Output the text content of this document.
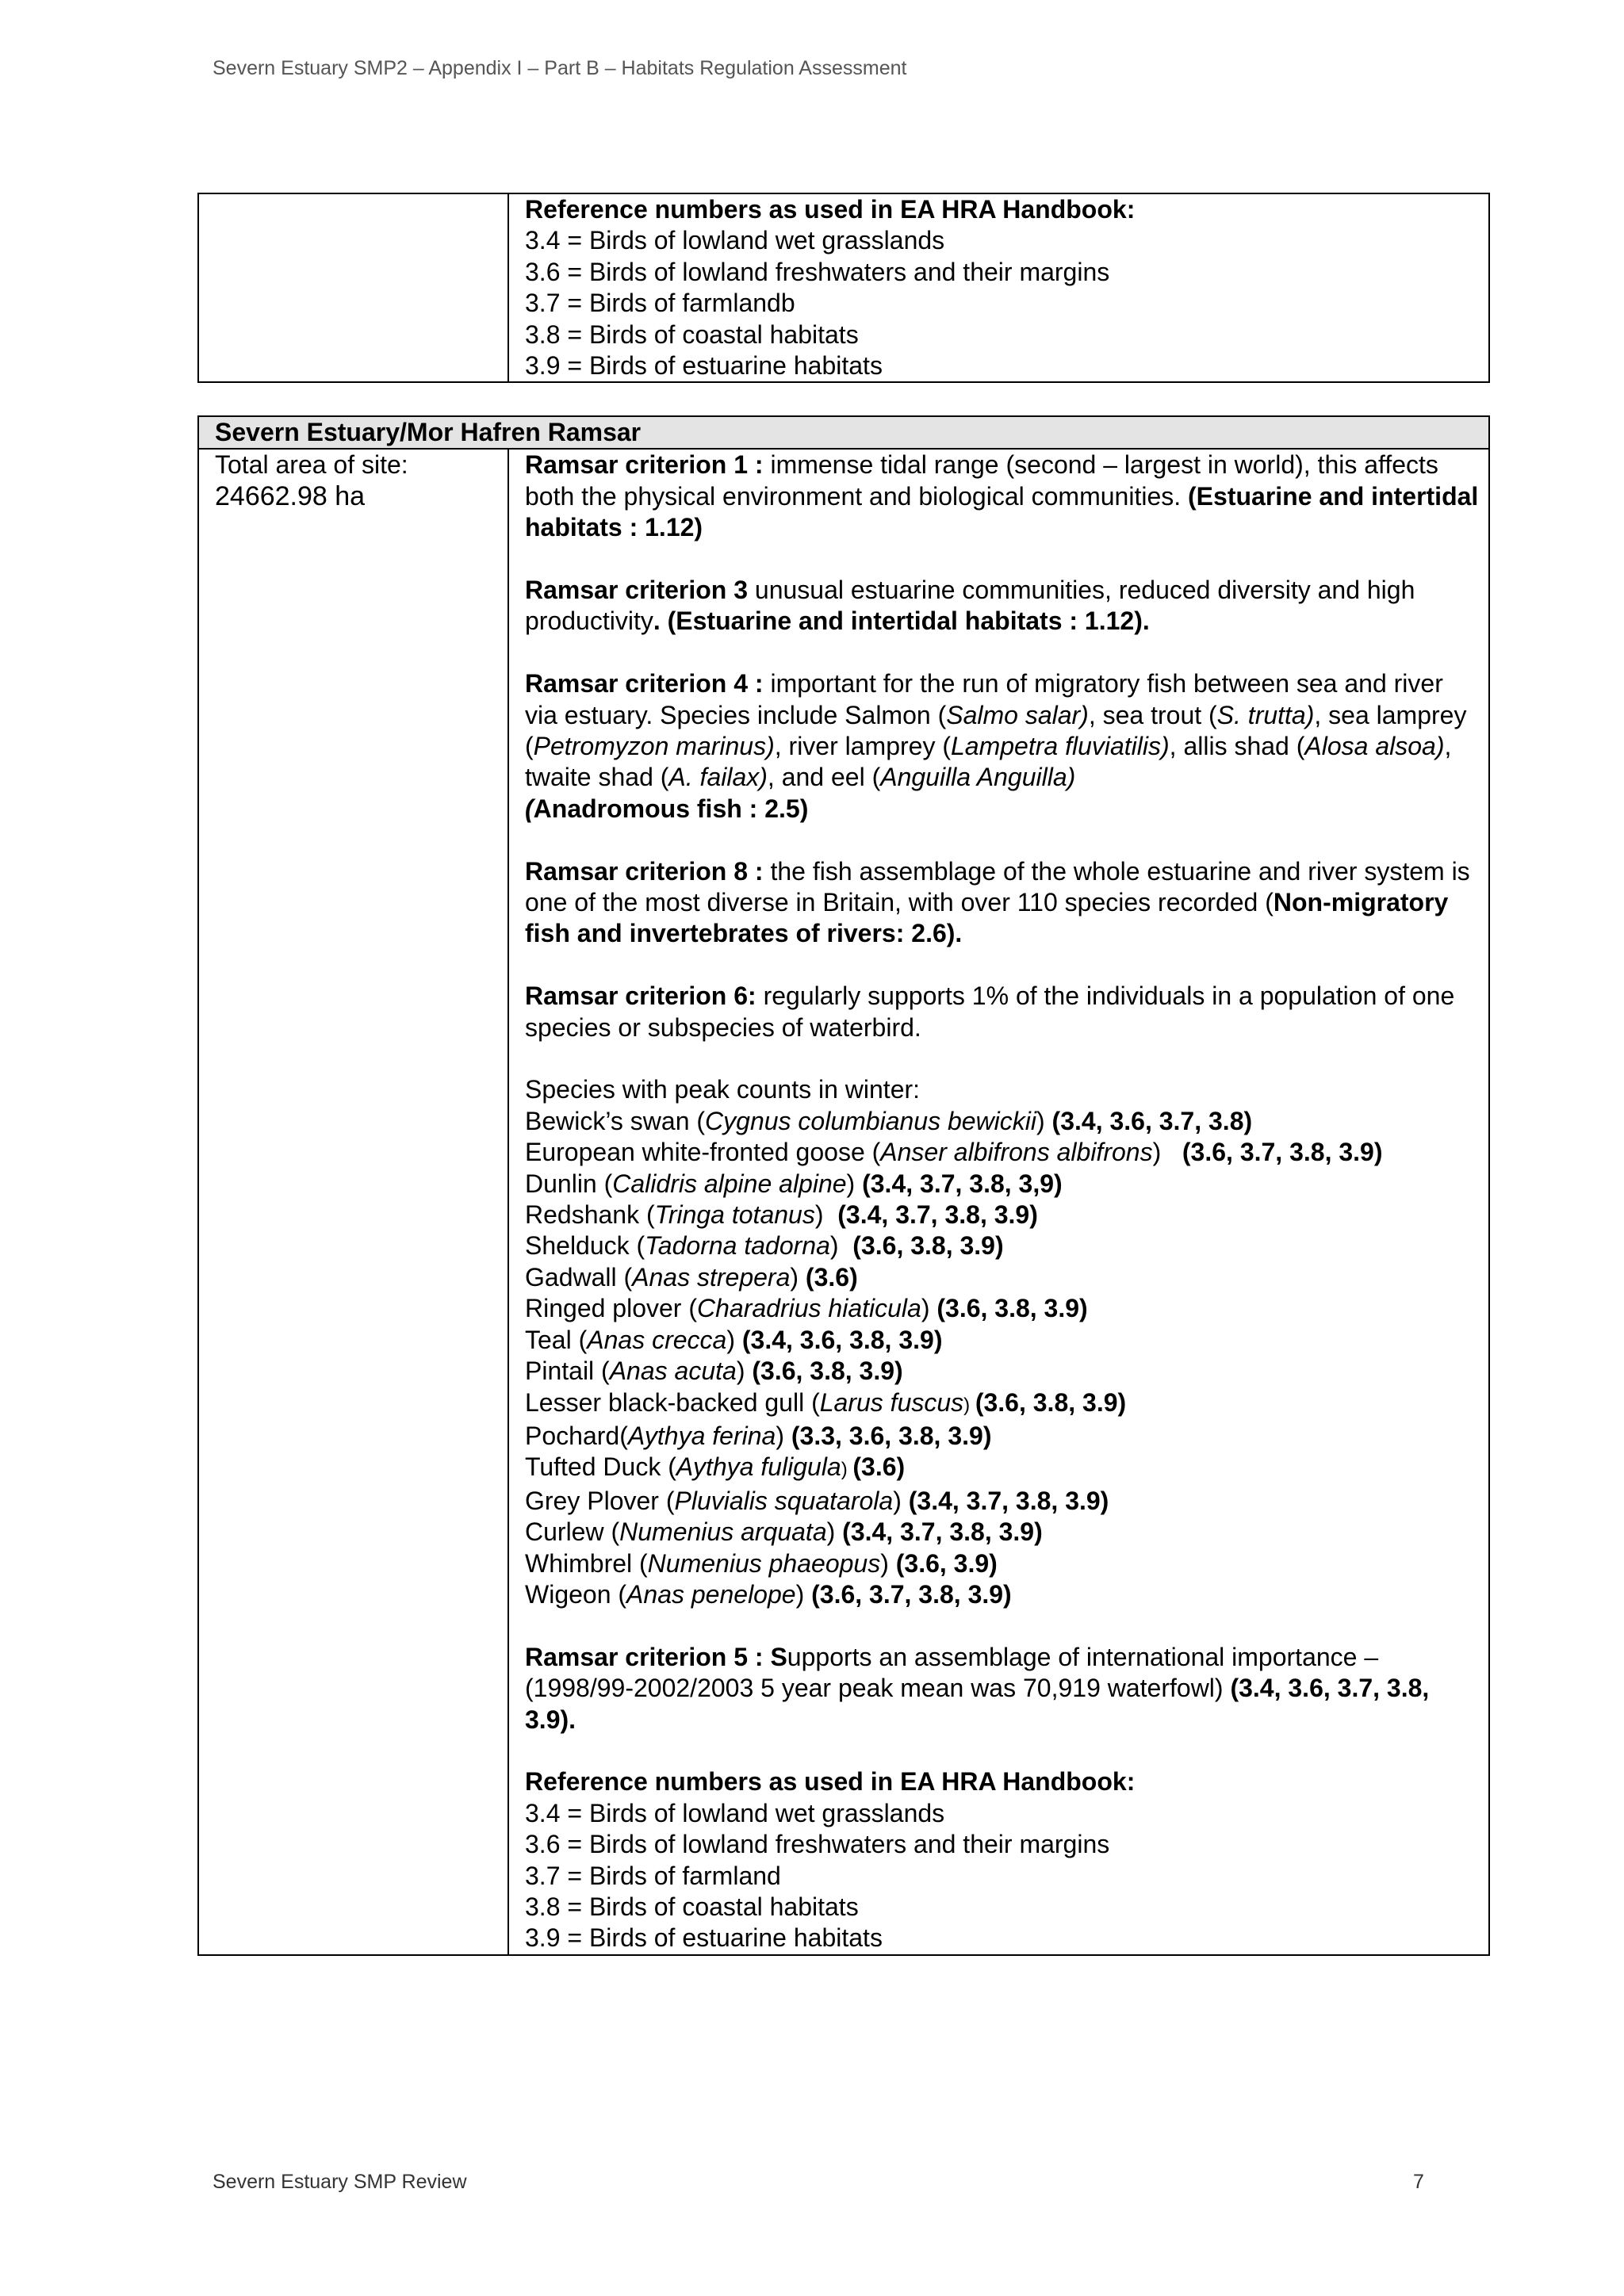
Severn Estuary SMP2 – Appendix I – Part B – Habitats Regulation Assessment

Reference numbers as used in EA HRA Handbook:
3.4 = Birds of lowland wet grasslands
3.6 = Birds of lowland freshwaters and their margins
3.7 = Birds of farmlandb
3.8 = Birds of coastal habitats
3.9 = Birds of estuarine habitats
Severn Estuary/Mor Hafren Ramsar

Total area of site:
24662.98 ha

Ramsar criterion 1 : immense tidal range (second – largest in world), this affects both the physical environment and biological communities. (Estuarine and intertidal habitats : 1.12)

Ramsar criterion 3 unusual estuarine communities, reduced diversity and high productivity. (Estuarine and intertidal habitats : 1.12).

Ramsar criterion 4 : important for the run of migratory fish between sea and river via estuary. Species include Salmon (Salmo salar), sea trout (S. trutta), sea lamprey (Petromyzon marinus), river lamprey (Lampetra fluviatilis), allis shad (Alosa alsoa), twaite shad (A. failax), and eel (Anguilla Anguilla)
(Anadromous fish : 2.5)

Ramsar criterion 8 : the fish assemblage of the whole estuarine and river system is one of the most diverse in Britain, with over 110 species recorded (Non-migratory fish and invertebrates of rivers: 2.6).

Ramsar criterion 6: regularly supports 1% of the individuals in a population of one species or subspecies of waterbird.

Species with peak counts in winter:
Bewick’s swan (Cygnus columbianus bewickii) (3.4, 3.6, 3.7, 3.8)
European white-fronted goose (Anser albifrons albifrons)   (3.6, 3.7, 3.8, 3.9)
Dunlin (Calidris alpine alpine) (3.4, 3.7, 3.8, 3,9)
Redshank (Tringa totanus)  (3.4, 3.7, 3.8, 3.9)
Shelduck (Tadorna tadorna)  (3.6, 3.8, 3.9)
Gadwall (Anas strepera) (3.6)
Ringed plover (Charadrius hiaticula) (3.6, 3.8, 3.9)
Teal (Anas crecca) (3.4, 3.6, 3.8, 3.9)
Pintail (Anas acuta) (3.6, 3.8, 3.9)
Lesser black-backed gull (Larus fuscus) (3.6, 3.8, 3.9)
Pochard(Aythya ferina) (3.3, 3.6, 3.8, 3.9)
Tufted Duck (Aythya fuligula) (3.6)
Grey Plover (Pluvialis squatarola) (3.4, 3.7, 3.8, 3.9)
Curlew (Numenius arquata) (3.4, 3.7, 3.8, 3.9)
Whimbrel (Numenius phaeopus) (3.6, 3.9)
Wigeon (Anas penelope) (3.6, 3.7, 3.8, 3.9)

Ramsar criterion 5 : Supports an assemblage of international importance – (1998/99-2002/2003 5 year peak mean was 70,919 waterfowl) (3.4, 3.6, 3.7, 3.8, 3.9).

Reference numbers as used in EA HRA Handbook:
3.4 = Birds of lowland wet grasslands
3.6 = Birds of lowland freshwaters and their margins
3.7 = Birds of farmland
3.8 = Birds of coastal habitats
3.9 = Birds of estuarine habitats
Severn Estuary SMP Review	7
